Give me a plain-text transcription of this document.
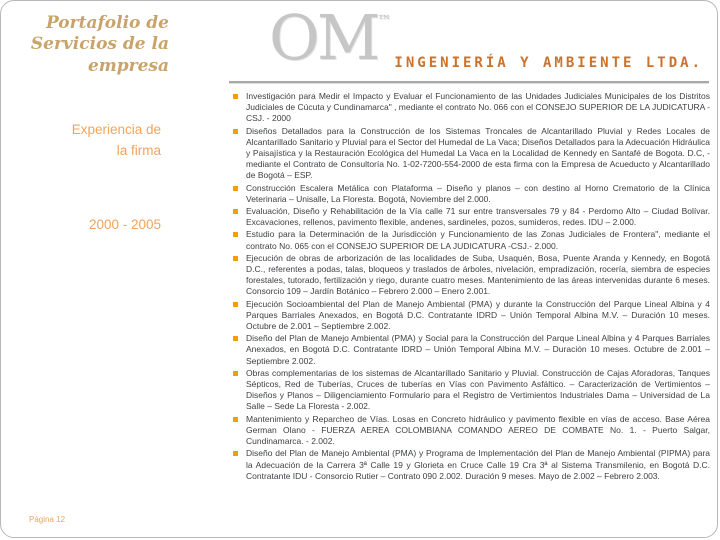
Portafolio de Servicios de la empresa OM™
INGENIERÍA Y AMBIENTE LTDA.
Experiencia de
la firma
2000 - 2005
Página 12
Investigación para Medir el Impacto y Evaluar el Funcionamiento de las Unidades Judiciales Municipales de los Distritos Judiciales de Cúcuta y Cundinamarca" , mediante el contrato No. 066 con el CONSEJO SUPERIOR DE LA JUDICATURA -CSJ. - 2000
Diseños Detallados para la Construcción de los Sistemas Troncales de Alcantarillado Pluvial y Redes Locales de Alcantarillado Sanitario y Pluvial para el Sector del Humedal de La Vaca; Diseños Detallados para la Adecuación Hidráulica y Paisajística y la Restauración Ecológica del Humedal La Vaca en la Localidad de Kennedy en Santafé de Bogota. D.C, - mediante el Contrato de Consultoría No. 1-02-7200-554-2000 de esta firma con la Empresa de Acueducto y Alcantarillado de Bogotá – ESP.
Construcción Escalera Metálica con Plataforma – Diseño y planos – con destino al Horno Crematorio de la Clínica Veterinaria – Unisalle, La Floresta. Bogotá, Noviembre del 2.000.
Evaluación, Diseño y Rehabilitación de la Vía calle 71 sur entre transversales 79 y 84 - Perdomo Alto – Ciudad Bolívar. Excavaciones, rellenos, pavimento flexible, andenes, sardineles, pozos, sumideros, redes. IDU – 2.000.
Estudio para la Determinación de la Jurisdicción y Funcionamiento de las Zonas Judiciales de Frontera", mediante el contrato No. 065 con el CONSEJO SUPERIOR DE LA JUDICATURA -CSJ.- 2.000.
Ejecución de obras de arborización de las localidades de Suba, Usaquén, Bosa, Puente Aranda y Kennedy, en Bogotá D.C., referentes a podas, talas, bloqueos y traslados de árboles, nivelación, empradización, rocería, siembra de especies forestales, tutorado, fertilización y riego, durante cuatro meses. Mantenimiento de las áreas intervenidas durante 6 meses. Consorcio 109 – Jardín Botánico – Febrero 2.000 – Enero 2.001.
Ejecución Socioambiental del Plan de Manejo Ambiental (PMA) y durante la Construcción del Parque Lineal Albina y 4 Parques Barriales Anexados, en Bogotá D.C. Contratante IDRD – Unión Temporal Albina M.V. – Duración 10 meses. Octubre de 2.001 – Septiembre 2.002.
Diseño del Plan de Manejo Ambiental (PMA) y Social para la Construcción del Parque Lineal Albina y 4 Parques Barriales Anexados, en Bogotá D.C. Contratante IDRD – Unión Temporal Albina M.V. – Duración 10 meses. Octubre de 2.001 – Septiembre 2.002.
Obras complementarias de los sistemas de Alcantarillado Sanitario y Pluvial. Construcción de Cajas Aforadoras, Tanques Sépticos, Red de Tuberías, Cruces de tuberías en Vías con Pavimento Asfáltico. – Caracterización de Vertimientos – Diseños y Planos – Diligenciamiento Formulario para el Registro de Vertimientos Industriales Dama – Universidad de La Salle – Sede La Floresta - 2.002.
Mantenimiento y Reparcheo de Vías. Losas en Concreto hidráulico y pavimento flexible en vías de acceso. Base Aérea German Olano - FUERZA AEREA COLOMBIANA COMANDO AEREO DE COMBATE No. 1. - Puerto Salgar, Cundinamarca. - 2.002.
Diseño del Plan de Manejo Ambiental (PMA) y Programa de Implementación del Plan de Manejo Ambiental (PIPMA) para la Adecuación de la Carrera 3ª Calle 19 y Glorieta en Cruce Calle 19 Cra 3ª al Sistema Transmilenio, en Bogotá D.C. Contratante IDU - Consorcio Rutier – Contrato 090 2.002. Duración 9 meses. Mayo de 2.002 – Febrero 2.003.
